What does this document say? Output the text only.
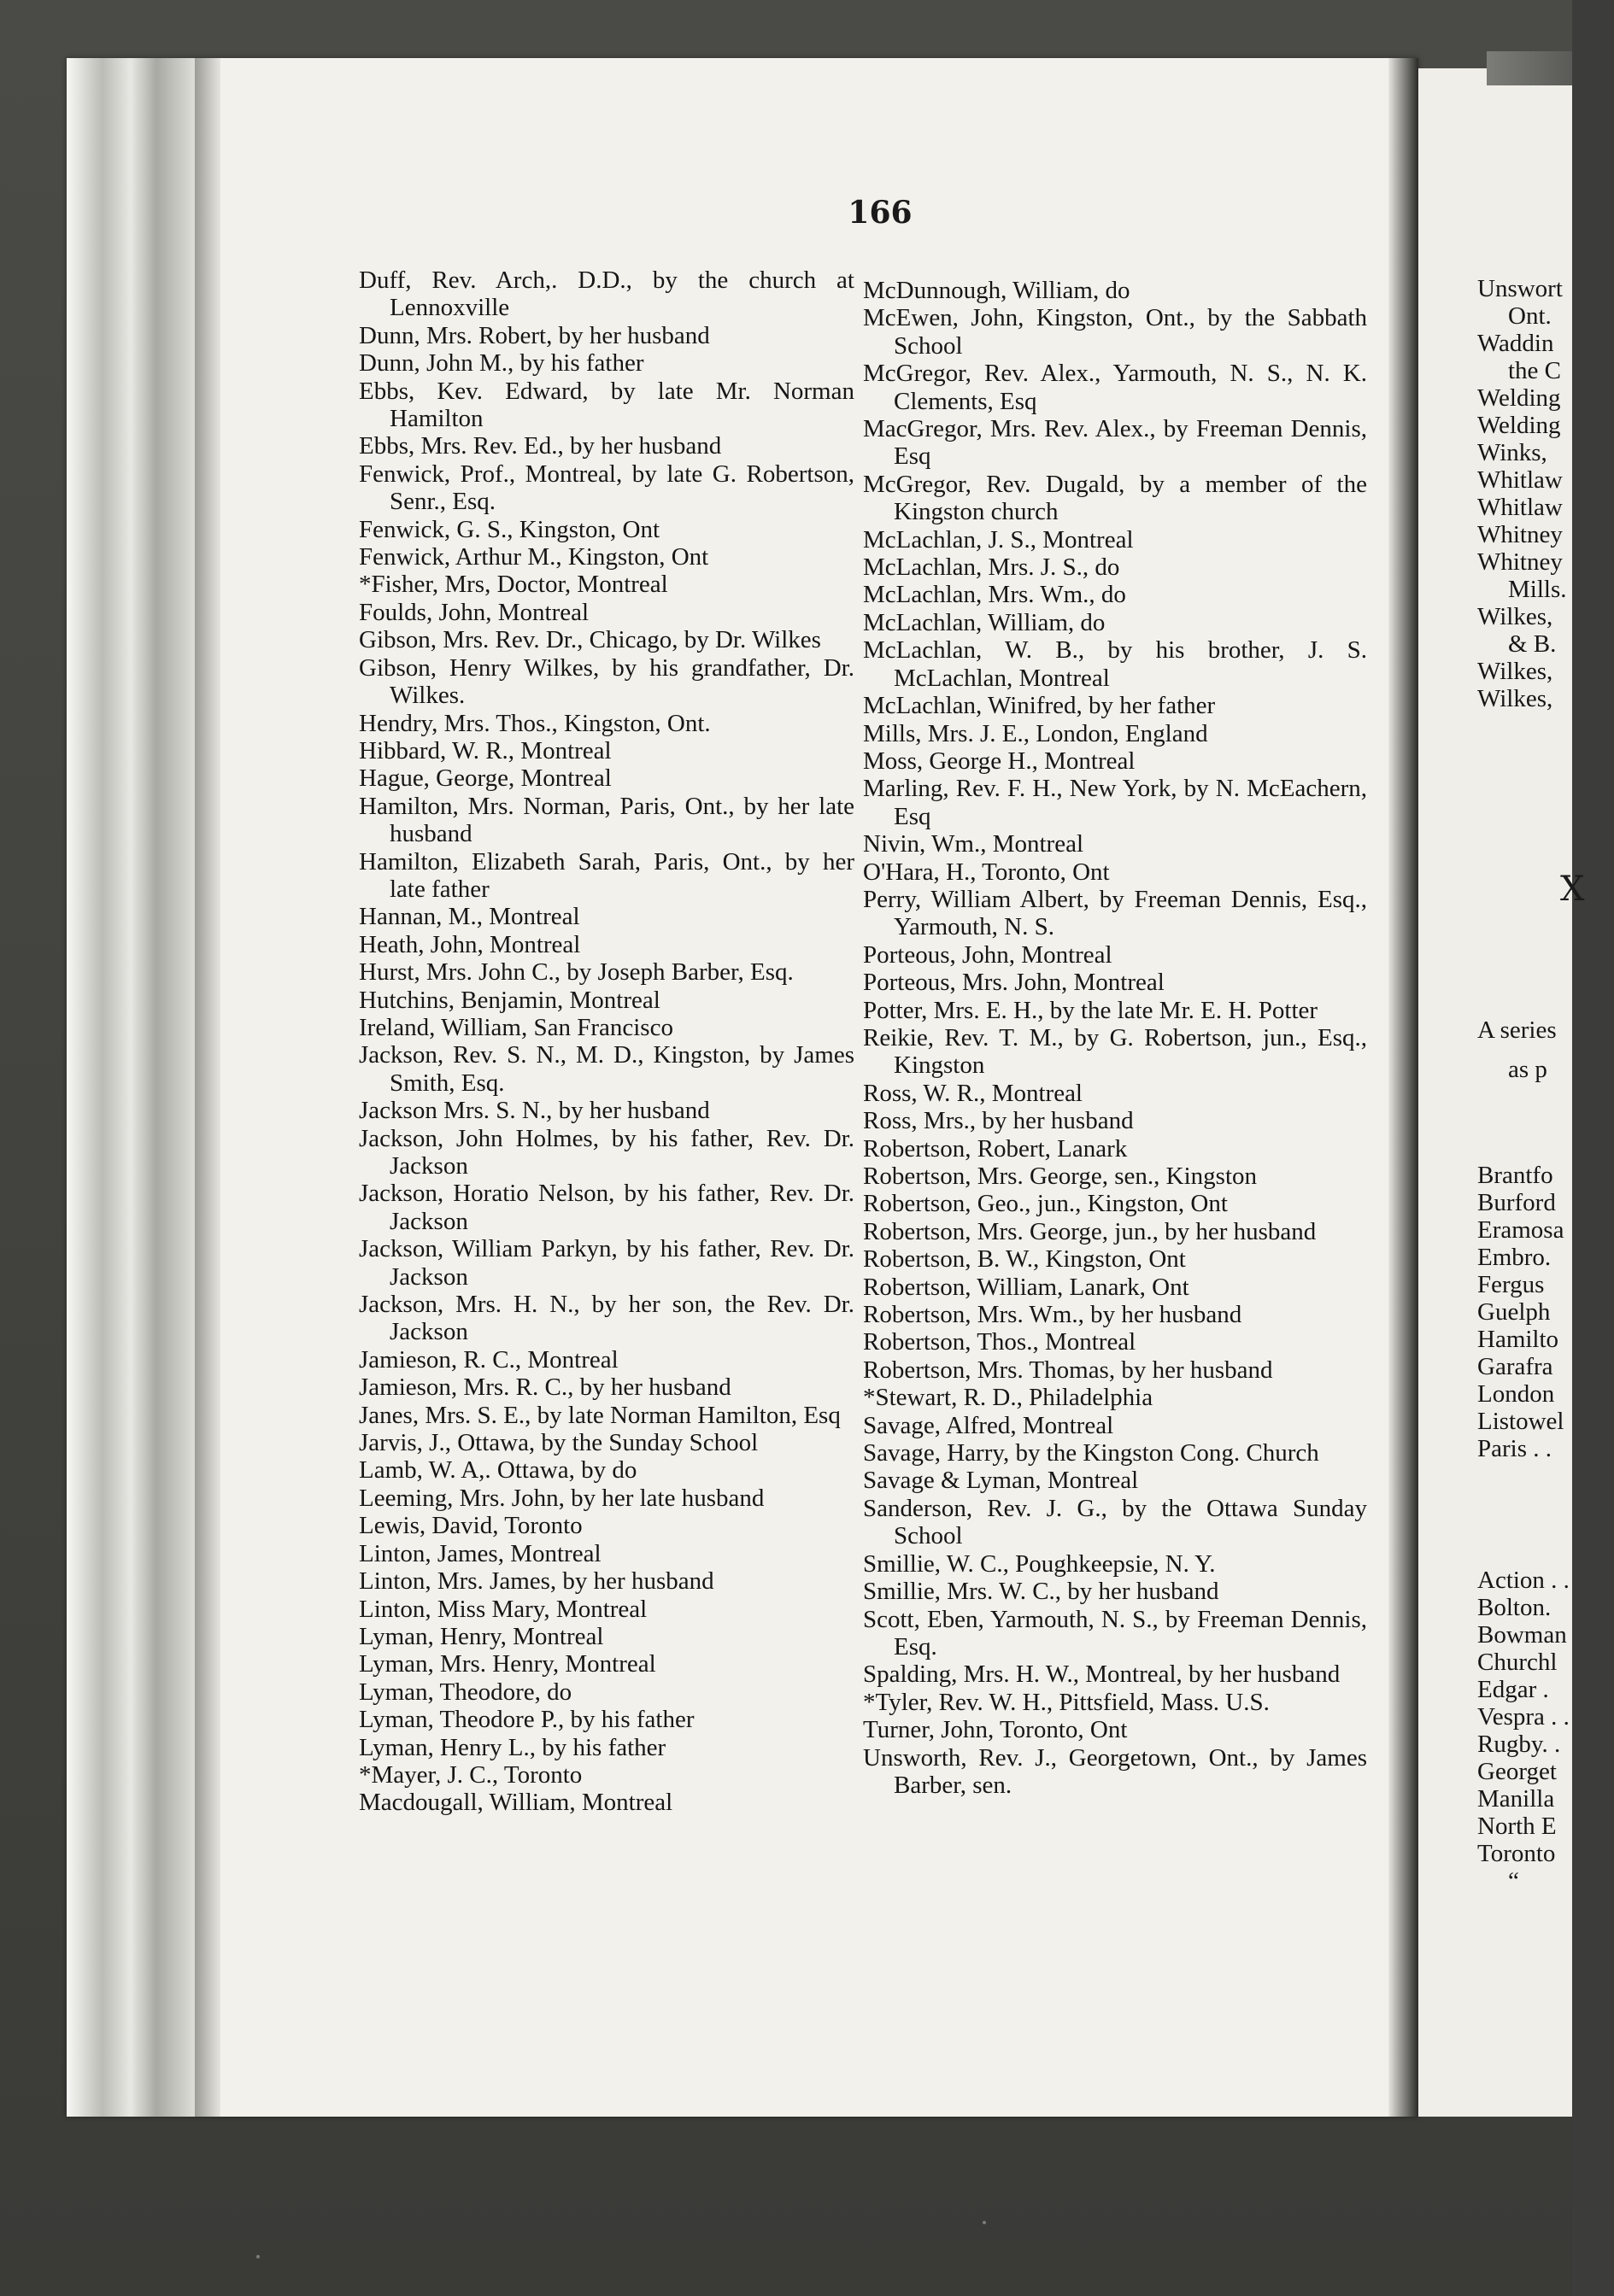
166
Duff, Rev. Arch,. D.D., by the church at Lennoxville
Dunn, Mrs. Robert, by her husband
Dunn, John M., by his father
Ebbs, Kev. Edward, by late Mr. Norman Hamilton
Ebbs, Mrs. Rev. Ed., by her husband
Fenwick, Prof., Montreal, by late G. Robertson, Senr., Esq.
Fenwick, G. S., Kingston, Ont
Fenwick, Arthur M., Kingston, Ont
*Fisher, Mrs, Doctor, Montreal
Foulds, John, Montreal
Gibson, Mrs. Rev. Dr., Chicago, by Dr. Wilkes
Gibson, Henry Wilkes, by his grandfather, Dr. Wilkes.
Hendry, Mrs. Thos., Kingston, Ont.
Hibbard, W. R., Montreal
Hague, George, Montreal
Hamilton, Mrs. Norman, Paris, Ont., by her late husband
Hamilton, Elizabeth Sarah, Paris, Ont., by her late father
Hannan, M., Montreal
Heath, John, Montreal
Hurst, Mrs. John C., by Joseph Barber, Esq.
Hutchins, Benjamin, Montreal
Ireland, William, San Francisco
Jackson, Rev. S. N., M. D., Kingston, by James Smith, Esq.
Jackson Mrs. S. N., by her husband
Jackson, John Holmes, by his father, Rev. Dr. Jackson
Jackson, Horatio Nelson, by his father, Rev. Dr. Jackson
Jackson, William Parkyn, by his father, Rev. Dr. Jackson
Jackson, Mrs. H. N., by her son, the Rev. Dr. Jackson
Jamieson, R. C., Montreal
Jamieson, Mrs. R. C., by her husband
Janes, Mrs. S. E., by late Norman Hamilton, Esq
Jarvis, J., Ottawa, by the Sunday School
Lamb, W. A,. Ottawa, by do
Leeming, Mrs. John, by her late husband
Lewis, David, Toronto
Linton, James, Montreal
Linton, Mrs. James, by her husband
Linton, Miss Mary, Montreal
Lyman, Henry, Montreal
Lyman, Mrs. Henry, Montreal
Lyman, Theodore, do
Lyman, Theodore P., by his father
Lyman, Henry L., by his father
*Mayer, J. C., Toronto
Macdougall, William, Montreal
McDunnough, William, do
McEwen, John, Kingston, Ont., by the Sabbath School
McGregor, Rev. Alex., Yarmouth, N. S., N. K. Clements, Esq
MacGregor, Mrs. Rev. Alex., by Freeman Dennis, Esq
McGregor, Rev. Dugald, by a member of the Kingston church
McLachlan, J. S., Montreal
McLachlan, Mrs. J. S., do
McLachlan, Mrs. Wm., do
McLachlan, William, do
McLachlan, W. B., by his brother, J. S. McLachlan, Montreal
McLachlan, Winifred, by her father
Mills, Mrs. J. E., London, England
Moss, George H., Montreal
Marling, Rev. F. H., New York, by N. McEachern, Esq
Nivin, Wm., Montreal
O'Hara, H., Toronto, Ont
Perry, William Albert, by Freeman Dennis, Esq., Yarmouth, N. S.
Porteous, John, Montreal
Porteous, Mrs. John, Montreal
Potter, Mrs. E. H., by the late Mr. E. H. Potter
Reikie, Rev. T. M., by G. Robertson, jun., Esq., Kingston
Ross, W. R., Montreal
Ross, Mrs., by her husband
Robertson, Robert, Lanark
Robertson, Mrs. George, sen., Kingston
Robertson, Geo., jun., Kingston, Ont
Robertson, Mrs. George, jun., by her husband
Robertson, B. W., Kingston, Ont
Robertson, William, Lanark, Ont
Robertson, Mrs. Wm., by her husband
Robertson, Thos., Montreal
Robertson, Mrs. Thomas, by her husband
*Stewart, R. D., Philadelphia
Savage, Alfred, Montreal
Savage, Harry, by the Kingston Cong. Church
Savage & Lyman, Montreal
Sanderson, Rev. J. G., by the Ottawa Sunday School
Smillie, W. C., Poughkeepsie, N. Y.
Smillie, Mrs. W. C., by her husband
Scott, Eben, Yarmouth, N. S., by Freeman Dennis, Esq.
Spalding, Mrs. H. W., Montreal, by her husband
*Tyler, Rev. W. H., Pittsfield, Mass. U.S.
Turner, John, Toronto, Ont
Unsworth, Rev. J., Georgetown, Ont., by James Barber, sen.
Unswort
Ont.
Waddin
the C
Welding
Welding
Winks,
Whitlaw
Whitlaw
Whitney
Whitney
Mills.
Wilkes,
& B.
Wilkes,
Wilkes,
X
A series
as p
Brantfo
Burford
Eramosa
Embro.
Fergus
Guelph
Hamilto
Garafra
London
Listowel
Paris . .
Action . .
Bolton.
Bowman
Churchl
Edgar .
Vespra . .
Rugby. .
Georget
Manilla
North E
Toronto
“
